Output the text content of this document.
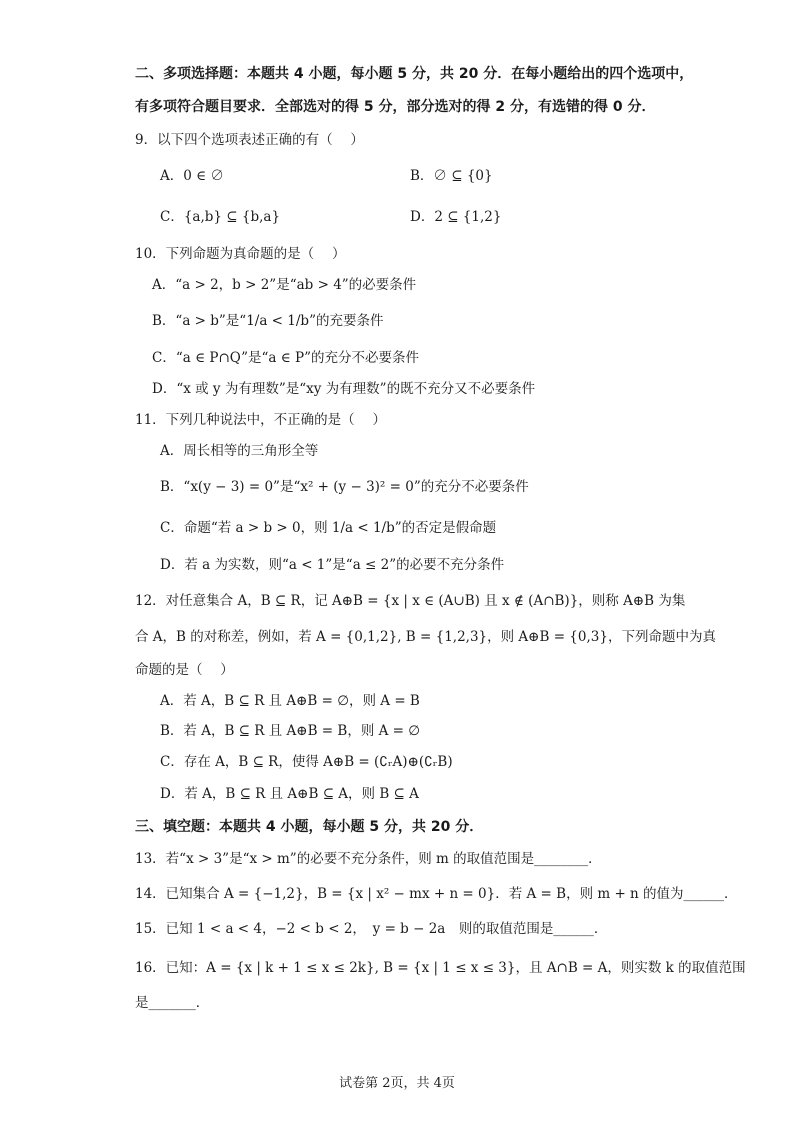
二、多项选择题：本题共 4 小题，每小题 5 分，共 20 分．在每小题给出的四个选项中，
有多项符合题目要求．全部选对的得 5 分，部分选对的得 2 分，有选错的得 0 分．
9．以下四个选项表述正确的有（　 ）
A．0 ∈ ∅	B．∅ ⊆ {0}
C．{a,b} ⊆ {b,a}	D．2 ⊆ {1,2}
10．下列命题为真命题的是（　 ）
A．“a > 2，b > 2”是“ab > 4”的必要条件
B．“a > b”是“1/a < 1/b”的充要条件
C．“a ∈ P∩Q”是“a ∈ P”的充分不必要条件
D．“x 或 y 为有理数”是“xy 为有理数”的既不充分又不必要条件
11．下列几种说法中，不正确的是（　 ）
A．周长相等的三角形全等
B．“x(y − 3) = 0”是“x² + (y − 3)² = 0”的充分不必要条件
C．命题“若 a > b > 0，则 1/a < 1/b”的否定是假命题
D．若 a 为实数，则“a < 1”是“a ≤ 2”的必要不充分条件
12．对任意集合 A，B ⊆ R，记 A⊕B = {x | x ∈ (A∪B) 且 x ∉ (A∩B)}，则称 A⊕B 为集
合 A，B 的对称差，例如，若 A = {0,1,2}, B = {1,2,3}，则 A⊕B = {0,3}，下列命题中为真
命题的是（　 ）
A．若 A，B ⊆ R 且 A⊕B = ∅，则 A = B
B．若 A，B ⊆ R 且 A⊕B = B，则 A = ∅
C．存在 A，B ⊆ R，使得 A⊕B = (∁ᵣA)⊕(∁ᵣB)
D．若 A，B ⊆ R 且 A⊕B ⊆ A，则 B ⊆ A
三、填空题：本题共 4 小题，每小题 5 分，共 20 分．
13．若“x > 3”是“x > m”的必要不充分条件，则 m 的取值范围是________．
14．已知集合 A = {−1,2}，B = {x | x² − mx + n = 0}．若 A = B，则 m + n 的值为______．
15．已知 1 < a < 4，−2 < b < 2，　y = b − 2a　则的取值范围是______．
16．已知：A = {x | k + 1 ≤ x ≤ 2k}, B = {x | 1 ≤ x ≤ 3}，且 A∩B = A，则实数 k 的取值范围
是_______．
试卷第 2页，共 4页
